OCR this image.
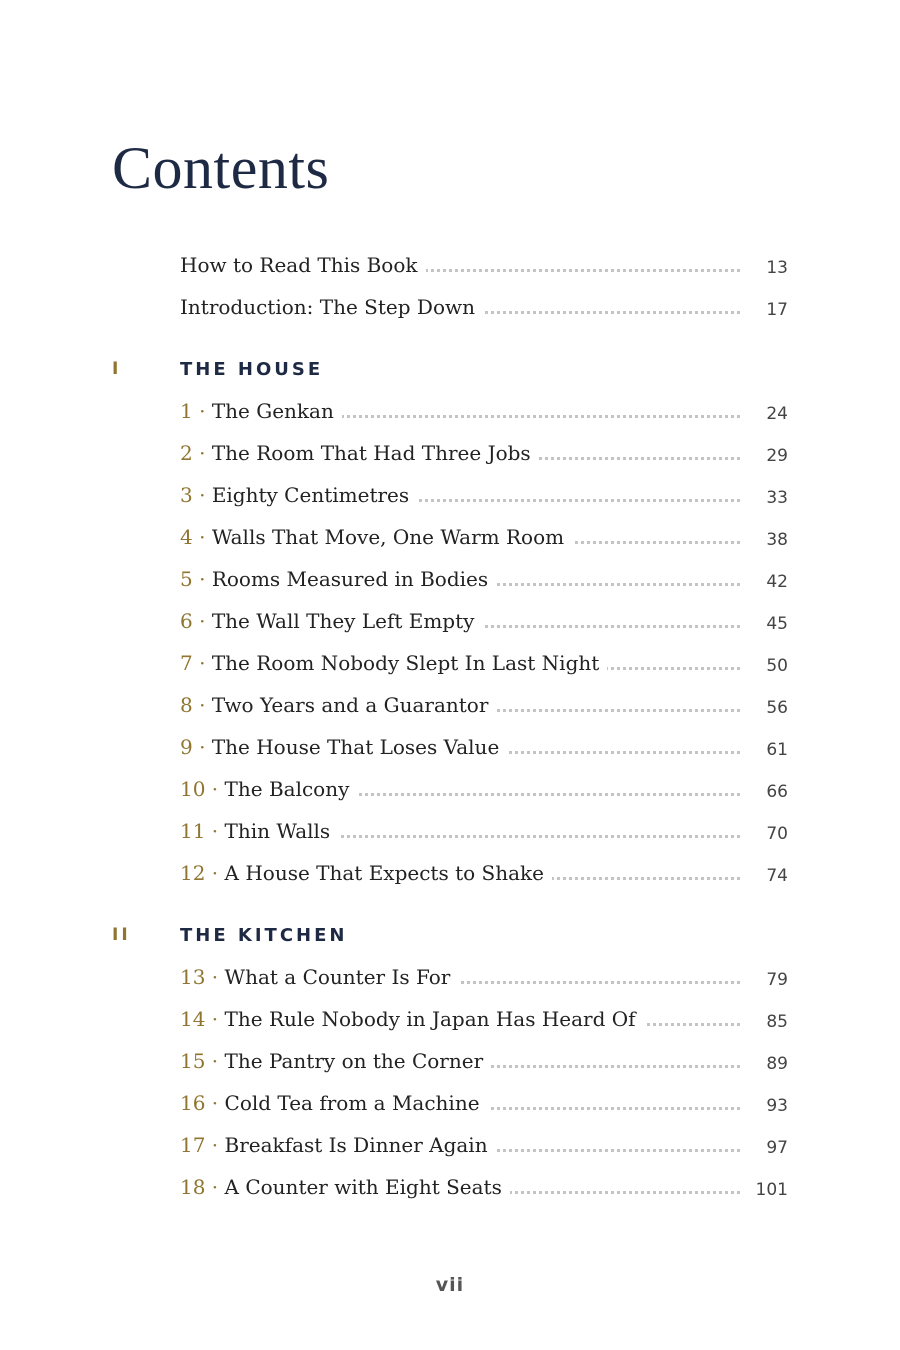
Contents
How to Read This Book	13
Introduction: The Step Down	17
I	THE HOUSE
1 · The Genkan	24
2 · The Room That Had Three Jobs	29
3 · Eighty Centimetres	33
4 · Walls That Move, One Warm Room	38
5 · Rooms Measured in Bodies	42
6 · The Wall They Left Empty	45
7 · The Room Nobody Slept In Last Night	50
8 · Two Years and a Guarantor	56
9 · The House That Loses Value	61
10 · The Balcony	66
11 · Thin Walls	70
12 · A House That Expects to Shake	74
II	THE KITCHEN
13 · What a Counter Is For	79
14 · The Rule Nobody in Japan Has Heard Of	85
15 · The Pantry on the Corner	89
16 · Cold Tea from a Machine	93
17 · Breakfast Is Dinner Again	97
18 · A Counter with Eight Seats	101
vii
